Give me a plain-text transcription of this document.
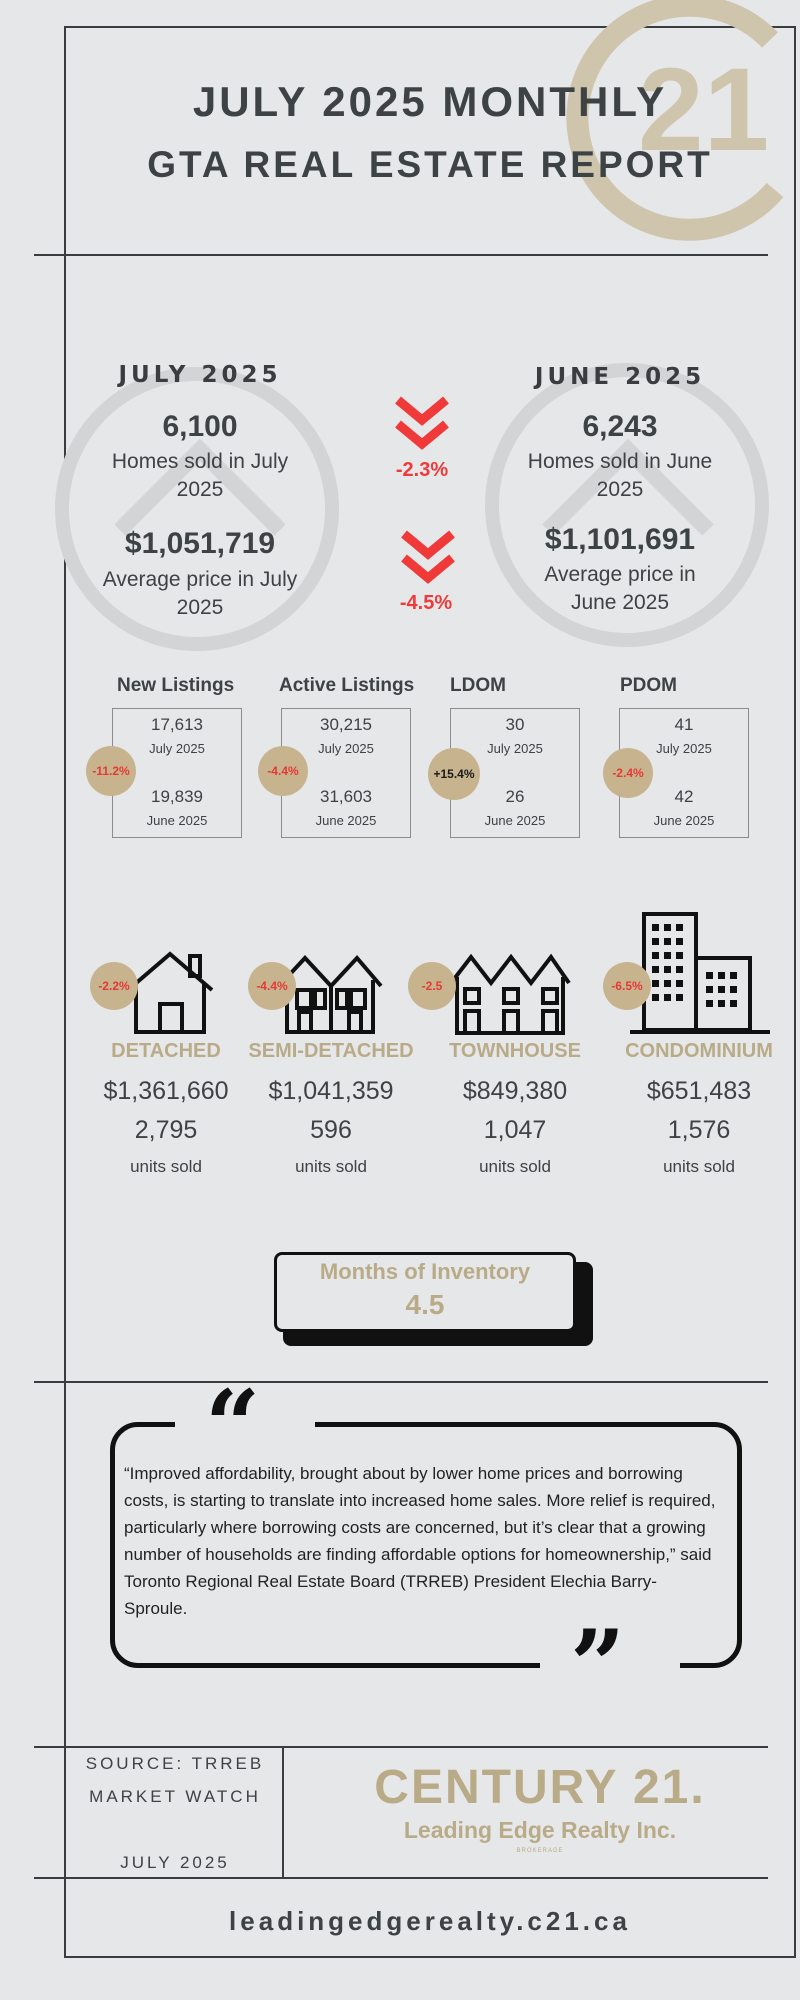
21
JULY 2025 MONTHLY
GTA REAL ESTATE REPORT
JULY 2025
6,100
Homes sold in July 2025
$1,051,719
Average price in July 2025
JUNE 2025
6,243
Homes sold in June 2025
$1,101,691
Average price in June 2025
-2.3%
-4.5%
New Listings
17,613
July 2025
19,839
June 2025
-11.2%
Active Listings
30,215
July 2025
31,603
June 2025
-4.4%
LDOM
30
July 2025
26
June 2025
+15.4%
PDOM
41
July 2025
42
June 2025
-2.4%
-2.2%	-4.4%	-2.5	-6.5%
DETACHED
$1,361,660
2,795
units sold
SEMI-DETACHED
$1,041,359
596
units sold
TOWNHOUSE
$849,380
1,047
units sold
CONDOMINIUM
$651,483
1,576
units sold
Months of Inventory
4.5
“
”
“Improved affordability, brought about by lower home prices and borrowing costs, is starting to translate into increased home sales. More relief is required, particularly where borrowing costs are concerned, but it’s clear that a growing number of households are finding affordable options for homeownership,” said Toronto Regional Real Estate Board (TRREB) President Elechia Barry-Sproule.
SOURCE: TRREB
MARKET WATCH
JULY 2025
CENTURY 21.
Leading Edge Realty Inc.
BROKERAGE
leadingedgerealty.c21.ca
